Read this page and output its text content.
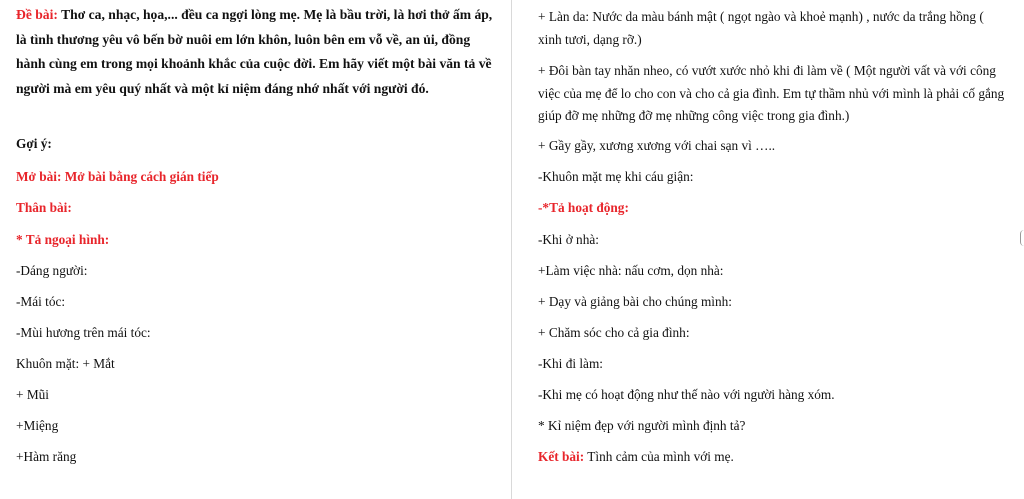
Đề bài: Thơ ca, nhạc, họa,... đều ca ngợi lòng mẹ. Mẹ là bầu trời, là hơi thở ấm áp, là tình thương yêu vô bến bờ nuôi em lớn khôn, luôn bên em vỗ về, an ủi, đồng hành cùng em trong mọi khoảnh khắc của cuộc đời. Em hãy viết một bài văn tả về người mà em yêu quý nhất và một kỉ niệm đáng nhớ nhất với người đó.

Gợi ý:
Mở bài: Mở bài bằng cách gián tiếp
Thân bài:
* Tả ngoại hình:
-Dáng người:
-Mái tóc:
-Mùi hương trên mái tóc:
Khuôn mặt: + Mắt
+ Mũi
+Miệng
+Hàm răng
+ Làn da: Nước da màu bánh mật ( ngọt ngào và khoẻ mạnh) , nước da trắng hồng ( xinh tươi, dạng rỡ.)
+ Đôi bàn tay nhăn nheo, có vướt xước nhỏ khi đi làm về ( Một người vất và với công việc của mẹ để lo cho con và cho cả gia đình. Em tự thầm nhủ với mình là phải cố gắng giúp đỡ mẹ những đỡ mẹ những công việc trong gia đình.)
+ Gầy gầy, xương xương với chai sạn vì …..
-Khuôn mặt mẹ khi cáu giận:
-*Tả hoạt động:
-Khi ở nhà:
+Làm việc nhà: nấu cơm, dọn nhà:
+ Dạy và giảng bài cho chúng mình:
+ Chăm sóc cho cả gia đình:
-Khi đi làm:
-Khi mẹ có hoạt động như thế nào với người hàng xóm.
* Kỉ niệm đẹp với người mình định tả?
Kết bài: Tình cảm của mình với mẹ.
